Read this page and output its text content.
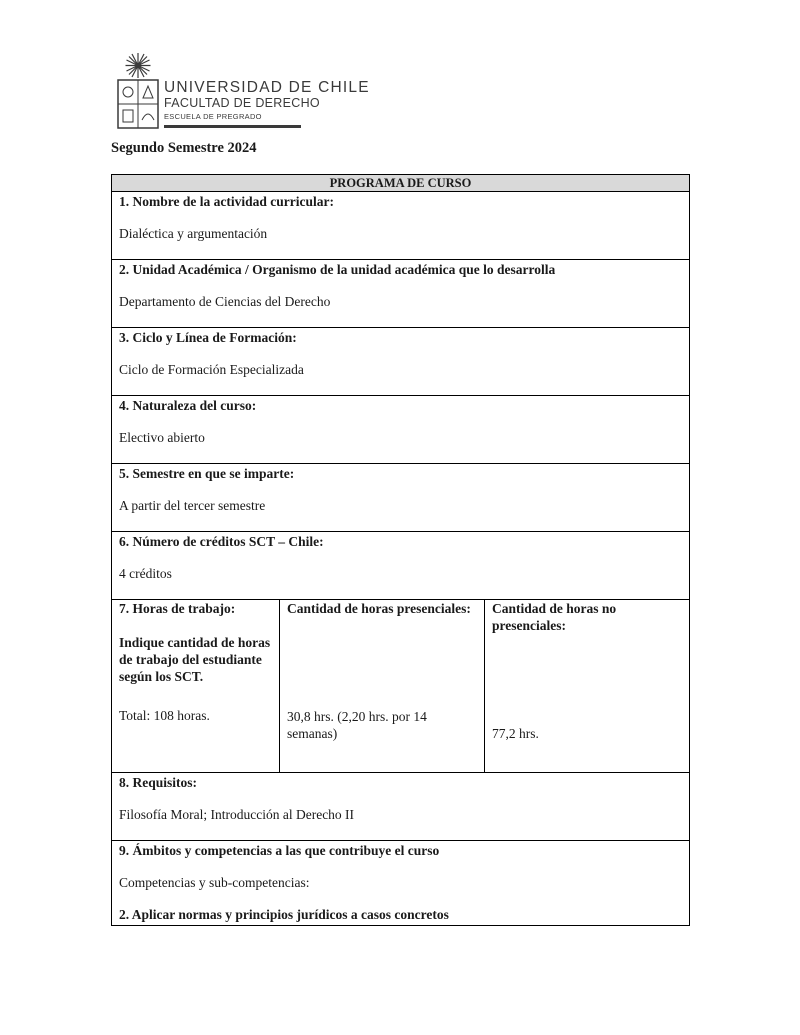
UNIVERSIDAD DE CHILE
FACULTAD DE DERECHO
ESCUELA DE PREGRADO
Segundo Semestre 2024
PROGRAMA DE CURSO

1. Nombre de la actividad curricular:
Dialéctica y argumentación

2. Unidad Académica / Organismo de la unidad académica que lo desarrolla
Departamento de Ciencias del Derecho

3. Ciclo y Línea de Formación:
Ciclo de Formación Especializada

4. Naturaleza del curso:
Electivo abierto

5. Semestre en que se imparte:
A partir del tercer semestre

6. Número de créditos SCT – Chile:
4 créditos

7. Horas de trabajo:
Indique cantidad de horas de trabajo del estudiante según los SCT.
Total: 108 horas.

Cantidad de horas presenciales:
30,8 hrs. (2,20 hrs. por 14 semanas)

Cantidad de horas no presenciales:
77,2 hrs.

8. Requisitos:
Filosofía Moral; Introducción al Derecho II

9. Ámbitos y competencias a las que contribuye el curso
Competencias y sub-competencias:
2. Aplicar normas y principios jurídicos a casos concretos
